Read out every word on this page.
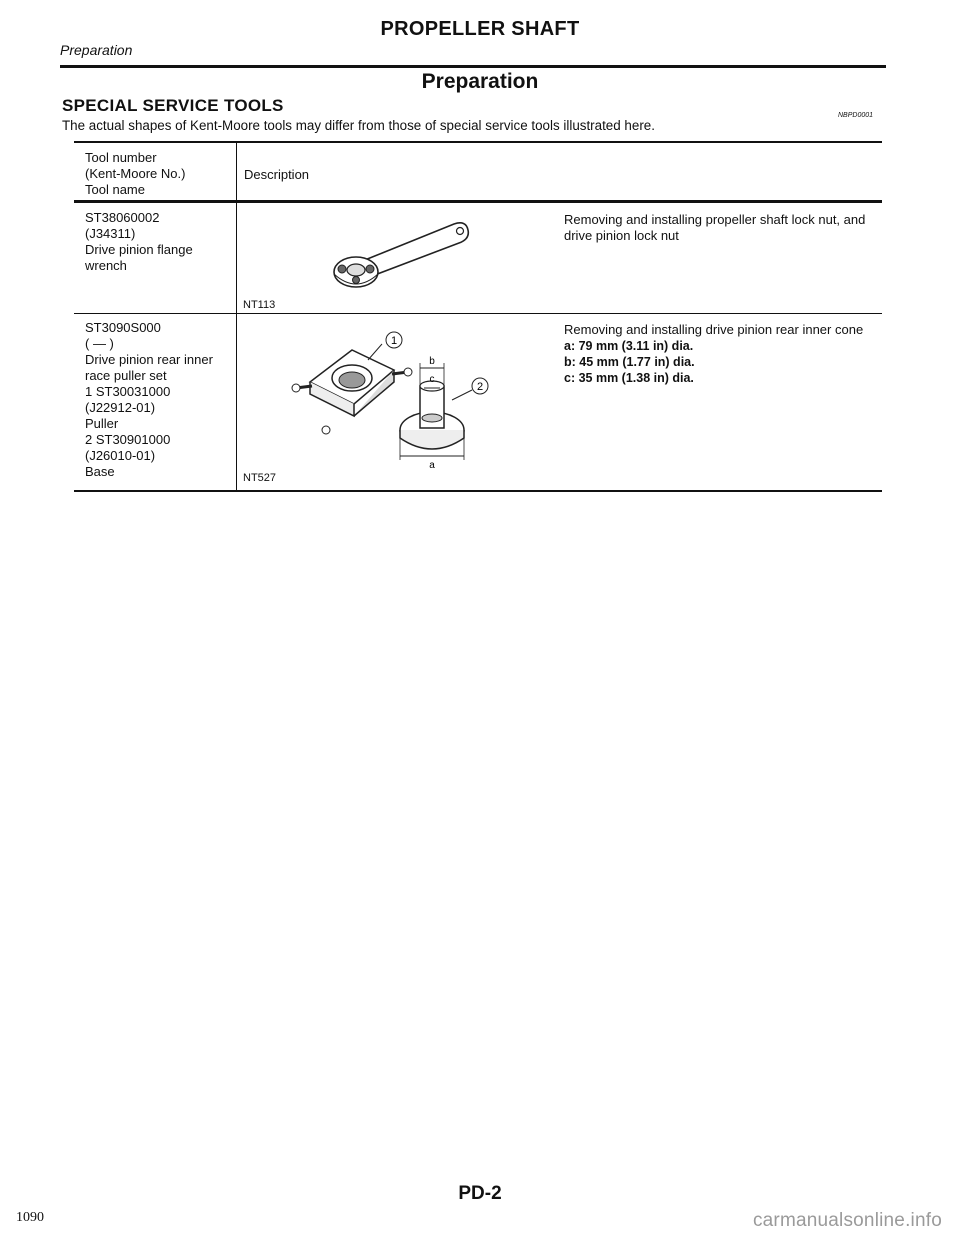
Preparation
PROPELLER SHAFT
Preparation
SPECIAL SERVICE TOOLS
NBPD0001
The actual shapes of Kent-Moore tools may differ from those of special service tools illustrated here.
Tool number
(Kent-Moore No.)
Tool name
Description
ST38060002
(J34311)
Drive pinion flange
wrench
NT113
Removing and installing propeller shaft lock nut, and drive pinion lock nut
ST3090S000
( — )
Drive pinion rear inner
race puller set
1 ST30031000
(J22912-01)
Puller
2 ST30901000
(J26010-01)
Base
1
b
c
a
2
NT527
Removing and installing drive pinion rear inner cone
a: 79 mm (3.11 in) dia.
b: 45 mm (1.77 in) dia.
c: 35 mm (1.38 in) dia.
PD-2
1090	carmanualsonline.info
